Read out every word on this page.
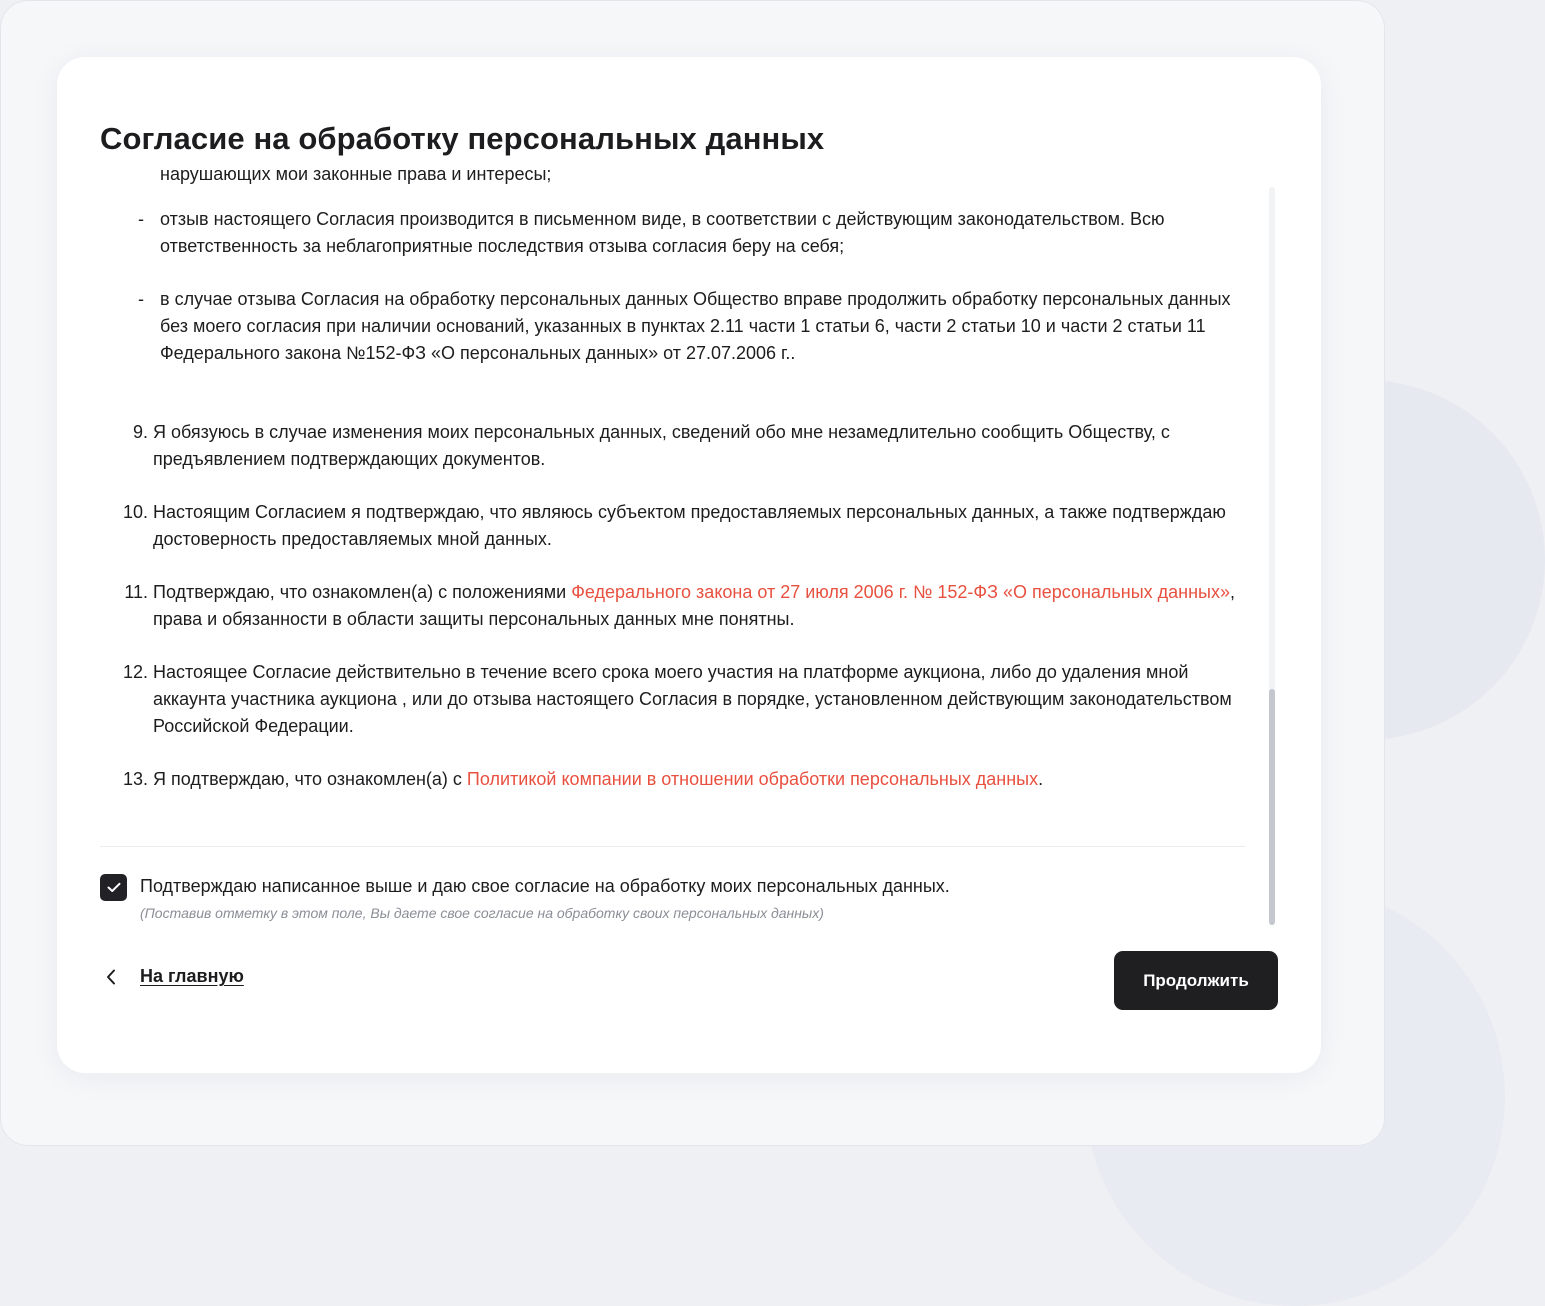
Согласие на обработку персональных данных
нарушающих мои законные права и интересы;
- отзыв настоящего Согласия производится в письменном виде, в соответствии с действующим законодательством. Всю ответственность за неблагоприятные последствия отзыва согласия беру на себя;
- в случае отзыва Согласия на обработку персональных данных Общество вправе продолжить обработку персональных данных без моего согласия при наличии оснований, указанных в пунктах 2.11 части 1 статьи 6, части 2 статьи 10 и части 2 статьи 11 Федерального закона №152-ФЗ «О персональных данных» от 27.07.2006 г..
9. Я обязуюсь в случае изменения моих персональных данных, сведений обо мне незамедлительно сообщить Обществу, с предъявлением подтверждающих документов.
10. Настоящим Согласием я подтверждаю, что являюсь субъектом предоставляемых персональных данных, а также подтверждаю достоверность предоставляемых мной данных.
11. Подтверждаю, что ознакомлен(а) с положениями Федерального закона от 27 июля 2006 г. № 152-ФЗ «О персональных данных», права и обязанности в области защиты персональных данных мне понятны.
12. Настоящее Согласие действительно в течение всего срока моего участия на платформе аукциона, либо до удаления мной аккаунта участника аукциона , или до отзыва настоящего Согласия в порядке, установленном действующим законодательством Российской Федерации.
13. Я подтверждаю, что ознакомлен(а) с Политикой компании в отношении обработки персональных данных.
Подтверждаю написанное выше и даю свое согласие на обработку моих персональных данных.
(Поставив отметку в этом поле, Вы даете свое согласие на обработку своих персональных данных)
На главную	Продолжить
